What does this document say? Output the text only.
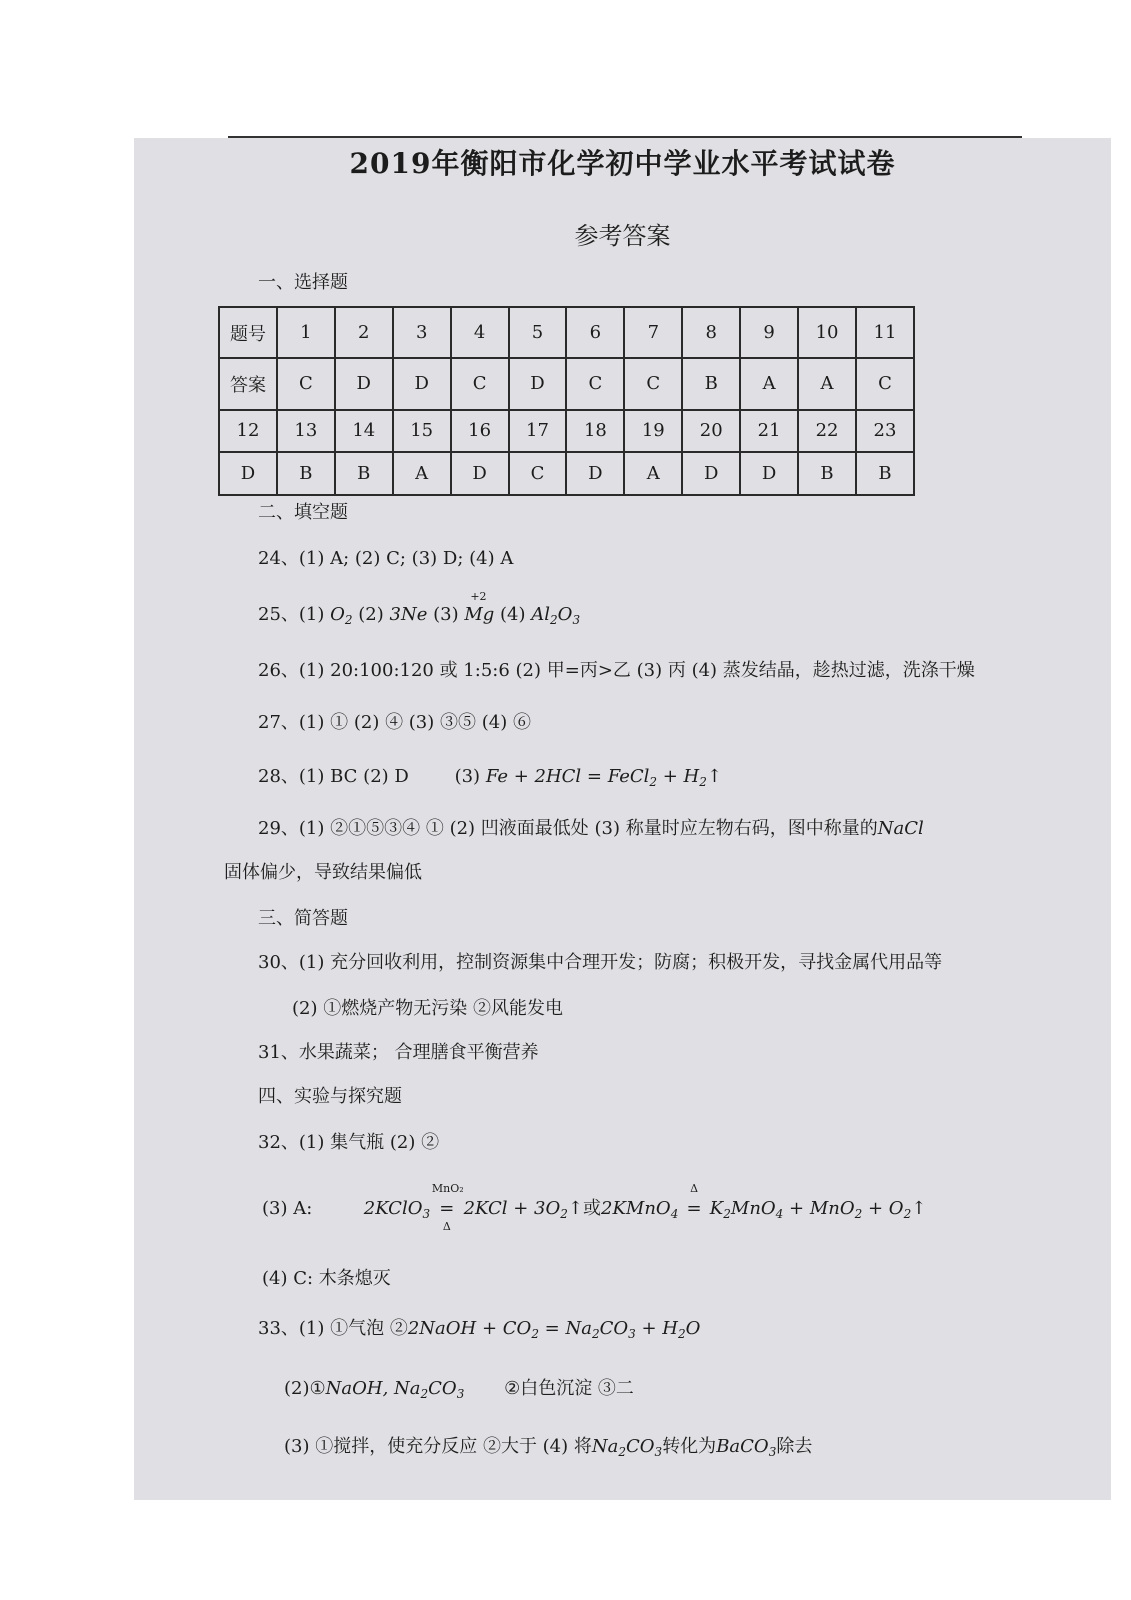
2019年衡阳市化学初中学业水平考试试卷
参考答案
一、选择题
题号	1	2	3	4	5	6	7	8	9	10	11
答案	C	D	D	C	D	C	C	B	A	A	C
12	13	14	15	16	17	18	19	20	21	22	23
D	B	B	A	D	C	D	A	D	D	B	B
二、填空题
24、(1) A; (2) C; (3) D; (4) A
25、(1) $O_2$ (2) 3Ne (3)
+2
Mg (4) $Al_2O_3$
26、(1) 20:100:120 或 1:5:6 (2) 甲=丙>乙 (3) 丙 (4) 蒸发结晶，趁热过滤，洗涤干燥
27、(1) ① (2) ④ (3) ③⑤ (4) ⑥
28、(1) BC (2) D	(3) Fe + 2HCl = FeCl$_2$ + $H_2↑$
29、(1) ②①⑤③④ ① (2) 凹液面最低处 (3) 称量时应左物右码，图中称量的NaCl
固体偏少，导致结果偏低
三、简答题
30、(1) 充分回收利用，控制资源集中合理开发；防腐；积极开发，寻找金属代用品等
(2) ①燃烧产物无污染 ②风能发电
31、水果蔬菜； 合理膳食平衡营养
四、实验与探究题
32、(1) 集气瓶 (2) ②
(3) A:	2KClO$_3$
MnO₂
=
Δ
$2KCl + 3O_2↑$或2KMnO$_4$
Δ
= $K_2MnO_4 + MnO_2$ + $O_2↑$
(4) C: 木条熄灭
33、(1) ①气泡 ②2NaOH + $CO_2 = Na_2CO_3 + H_2O$
(2)①NaOH, $Na_2CO_3$ ②白色沉淀 ③二
(3) ①搅拌，使充分反应 ②大于 (4) 将$Na_2CO_3$转化为BaCO$_3$除去
